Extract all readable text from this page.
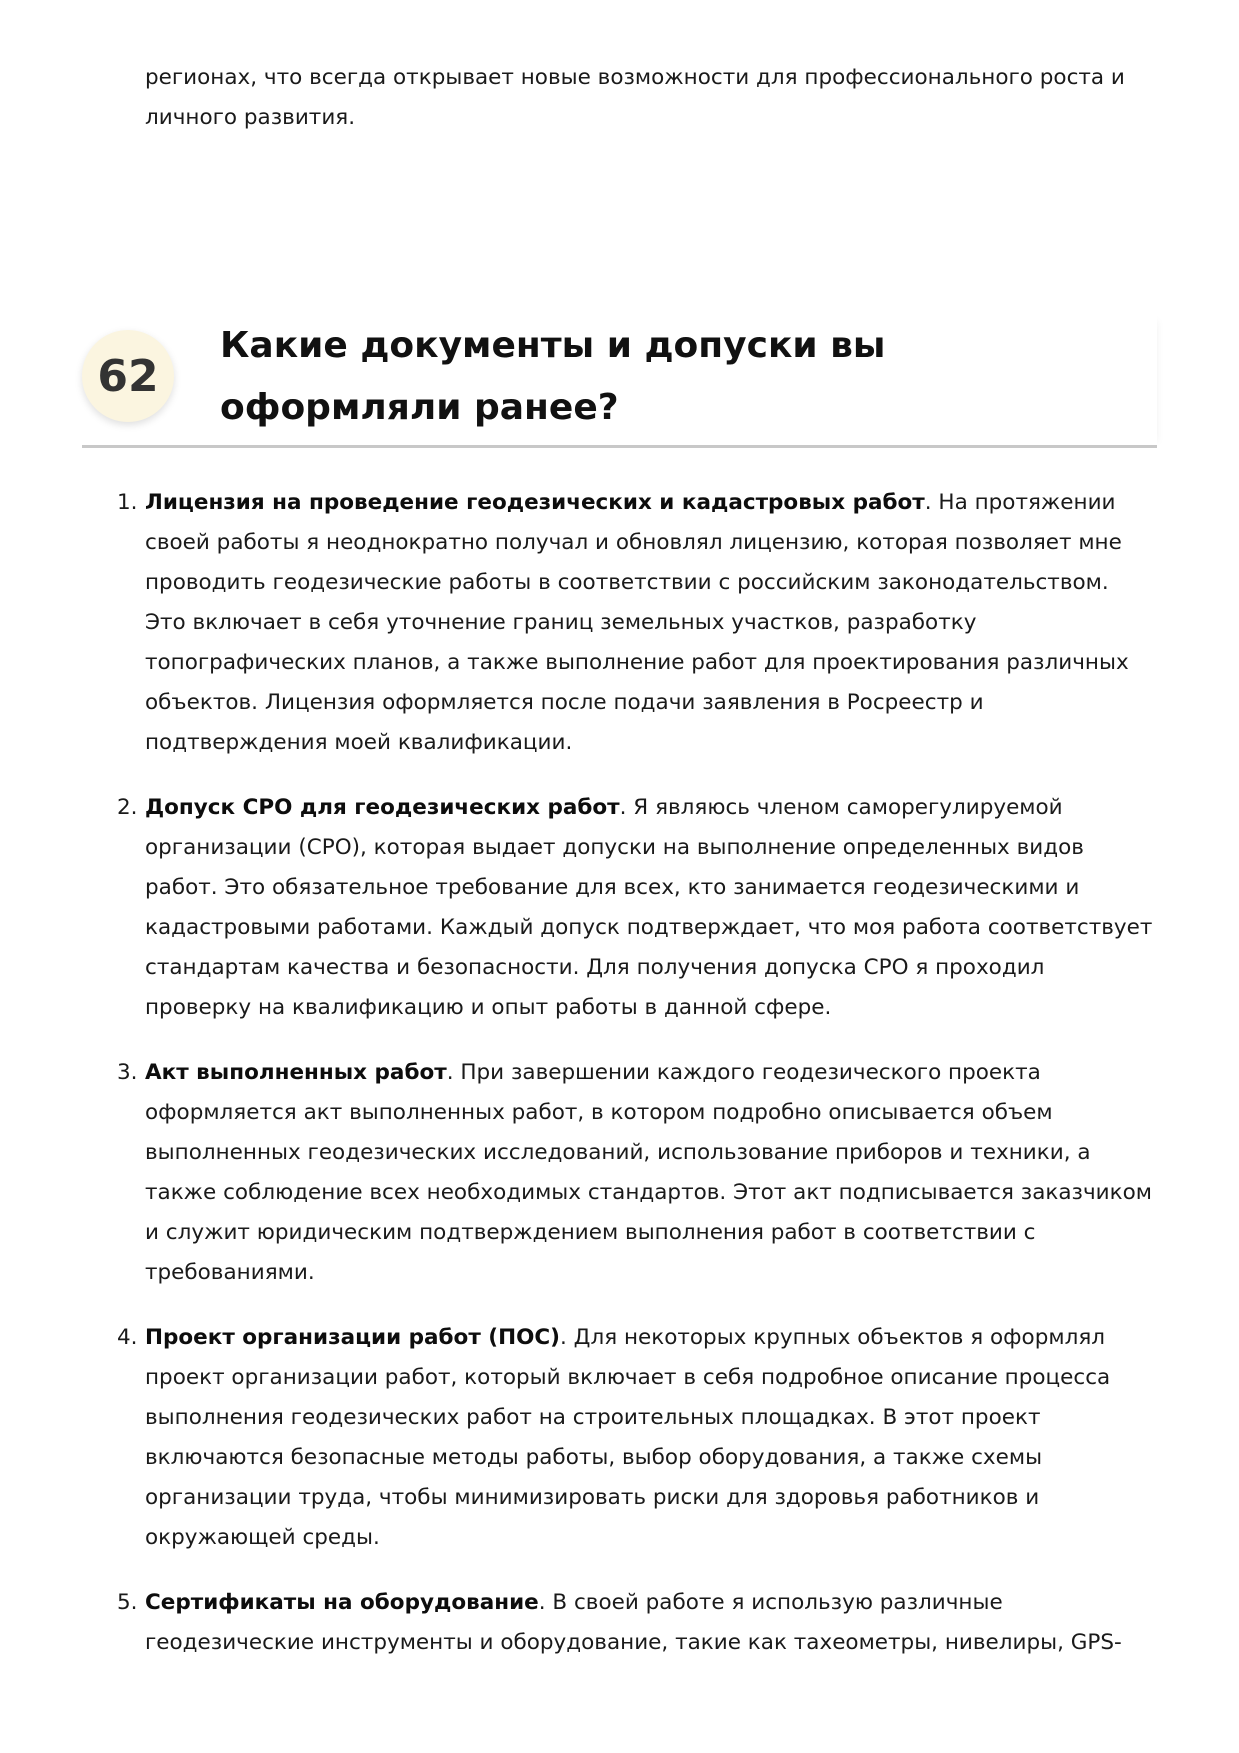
регионах, что всегда открывает новые возможности для профессионального роста и личного развития.

62
Какие документы и допуски вы оформляли ранее?
1. Лицензия на проведение геодезических и кадастровых работ. На протяжении своей работы я неоднократно получал и обновлял лицензию, которая позволяет мне проводить геодезические работы в соответствии с российским законодательством. Это включает в себя уточнение границ земельных участков, разработку топографических планов, а также выполнение работ для проектирования различных объектов. Лицензия оформляется после подачи заявления в Росреестр и подтверждения моей квалификации.
2. Допуск СРО для геодезических работ. Я являюсь членом саморегулируемой организации (СРО), которая выдает допуски на выполнение определенных видов работ. Это обязательное требование для всех, кто занимается геодезическими и кадастровыми работами. Каждый допуск подтверждает, что моя работа соответствует стандартам качества и безопасности. Для получения допуска СРО я проходил проверку на квалификацию и опыт работы в данной сфере.
3. Акт выполненных работ. При завершении каждого геодезического проекта оформляется акт выполненных работ, в котором подробно описывается объем выполненных геодезических исследований, использование приборов и техники, а также соблюдение всех необходимых стандартов. Этот акт подписывается заказчиком и служит юридическим подтверждением выполнения работ в соответствии с требованиями.
4. Проект организации работ (ПОС). Для некоторых крупных объектов я оформлял проект организации работ, который включает в себя подробное описание процесса выполнения геодезических работ на строительных площадках. В этот проект включаются безопасные методы работы, выбор оборудования, а также схемы организации труда, чтобы минимизировать риски для здоровья работников и окружающей среды.
5. Сертификаты на оборудование. В своей работе я использую различные геодезические инструменты и оборудование, такие как тахеометры, нивелиры, GPS-
